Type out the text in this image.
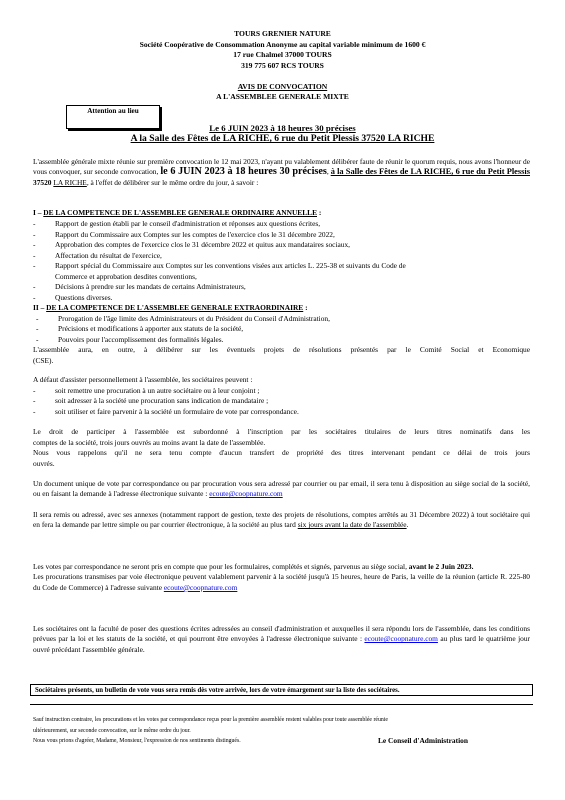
TOURS GRENIER NATURE
Société Coopérative de Consommation Anonyme au capital variable minimum de 1600 €
17 rue Chalmel 37000 TOURS
319 775 607 RCS TOURS
AVIS DE CONVOCATION
A L'ASSEMBLEE GENERALE MIXTE
Attention au lieu
Le 6 JUIN 2023 à 18 heures 30 précises
A la Salle des Fêtes de LA RICHE, 6 rue du Petit Plessis 37520 LA RICHE

L'assemblée générale mixte réunie sur première convocation le 12 mai 2023, n'ayant pu valablement délibérer faute de réunir le quorum requis, nous avons l'honneur de vous convoquer, sur seconde convocation, le 6 JUIN 2023 à 18 heures 30 précises, à la Salle des Fêtes de LA RICHE, 6 rue du Petit Plessis 37520 LA RICHE, à l'effet de délibérer sur le même ordre du jour, à savoir :

I – DE LA COMPETENCE DE L'ASSEMBLEE GENERALE ORDINAIRE ANNUELLE :
-	Rapport de gestion établi par le conseil d'administration et réponses aux questions écrites,
-	Rapport du Commissaire aux Comptes sur les comptes de l'exercice clos le 31 décembre 2022,
-	Approbation des comptes de l'exercice clos le 31 décembre 2022 et quitus aux mandataires sociaux,
-	Affectation du résultat de l'exercice,
-	Rapport spécial du Commissaire aux Comptes sur les conventions visées aux articles L. 225-38 et suivants du Code de
Commerce et approbation desdites conventions,
-	Décisions à prendre sur les mandats de certains Administrateurs,
-	Questions diverses.
II – DE LA COMPETENCE DE L'ASSEMBLEE GENERALE EXTRAORDINAIRE :
-	Prorogation de l'âge limite des Administrateurs et du Président du Conseil d'Administration,
-	Précisions et modifications à apporter aux statuts de la société,
-	Pouvoirs pour l'accomplissement des formalités légales.
L'assemblée aura, en outre, à délibérer sur les éventuels projets de résolutions présentés par le Comité Social et Economique
(CSE).
A défaut d'assister personnellement à l'assemblée, les sociétaires peuvent :
-	soit remettre une procuration à un autre sociétaire ou à leur conjoint ;
-	soit adresser à la société une procuration sans indication de mandataire ;
-	soit utiliser et faire parvenir à la société un formulaire de vote par correspondance.
Le droit de participer à l'assemblée est subordonné à l'inscription par les sociétaires titulaires de leurs titres nominatifs dans les
comptes de la société, trois jours ouvrés au moins avant la date de l'assemblée.
Nous vous rappelons qu'il ne sera tenu compte d'aucun transfert de propriété des titres intervenant pendant ce délai de trois jours
ouvrés.

Un document unique de vote par correspondance ou par procuration vous sera adressé par courrier ou par email, il sera tenu à disposition au siège social de la société, ou en faisant la demande à l'adresse électronique suivante : ecoute@coopnature.com

Il sera remis ou adressé, avec ses annexes (notamment rapport de gestion, texte des projets de résolutions, comptes arrêtés au 31 Décembre 2022) à tout sociétaire qui en fera la demande par lettre simple ou par courrier électronique, à la société au plus tard six jours avant la date de l'assemblée.

Les votes par correspondance ne seront pris en compte que pour les formulaires, complétés et signés, parvenus au siège social, avant le 2 Juin 2023.

Les procurations transmises par voie électronique peuvent valablement parvenir à la société jusqu'à 15 heures, heure de Paris, la veille de la réunion (article R. 225-80 du Code de Commerce) à l'adresse suivante ecoute@coopnature.com

Les sociétaires ont la faculté de poser des questions écrites adressées au conseil d'administration et auxquelles il sera répondu lors de l'assemblée, dans les conditions prévues par la loi et les statuts de la société, et qui pourront être envoyées à l'adresse électronique suivante : ecoute@coopnature.com au plus tard le quatrième jour ouvré précédant l'assemblée générale.

Sociétaires présents, un bulletin de vote vous sera remis dès votre arrivée, lors de votre émargement sur la liste des sociétaires.
Sauf instruction contraire, les procurations et les votes par correspondance reçus pour la première assemblée restent valables pour toute assemblée réunie
ultérieurement, sur seconde convocation, sur le même ordre du jour.
Nous vous prions d'agréer, Madame, Monsieur, l'expression de nos sentiments distingués.	Le Conseil d'Administration
